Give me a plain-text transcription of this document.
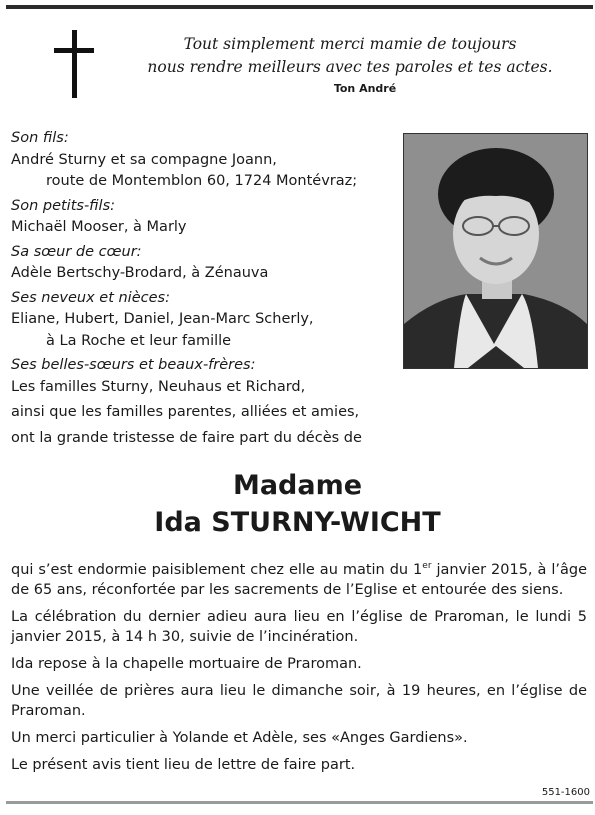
Tout simplement merci mamie de toujours
nous rendre meilleurs avec tes paroles et tes actes.
Ton André
Son fils:
André Sturny et sa compagne Joann,
route de Montemblon 60, 1724 Montévraz;
Son petits-fils:
Michaël Mooser, à Marly
Sa sœur de cœur:
Adèle Bertschy-Brodard, à Zénauva
Ses neveux et nièces:
Eliane, Hubert, Daniel, Jean-Marc Scherly,
à La Roche et leur famille
Ses belles-sœurs et beaux-frères:
Les familles Sturny, Neuhaus et Richard,
ainsi que les familles parentes, alliées et amies,
ont la grande tristesse de faire part du décès de
Madame
Ida STURNY-WICHT

qui s’est endormie paisiblement chez elle au matin du 1er janvier 2015, à l’âge de 65 ans, réconfortée par les sacrements de l’Eglise et entourée des siens.

La célébration du dernier adieu aura lieu en l’église de Praroman, le lundi 5 janvier 2015, à 14 h 30, suivie de l’incinération.

Ida repose à la chapelle mortuaire de Praroman.

Une veillée de prières aura lieu le dimanche soir, à 19 heures, en l’église de Praroman.

Un merci particulier à Yolande et Adèle, ses «Anges Gardiens».

Le présent avis tient lieu de lettre de faire part.

551-1600
